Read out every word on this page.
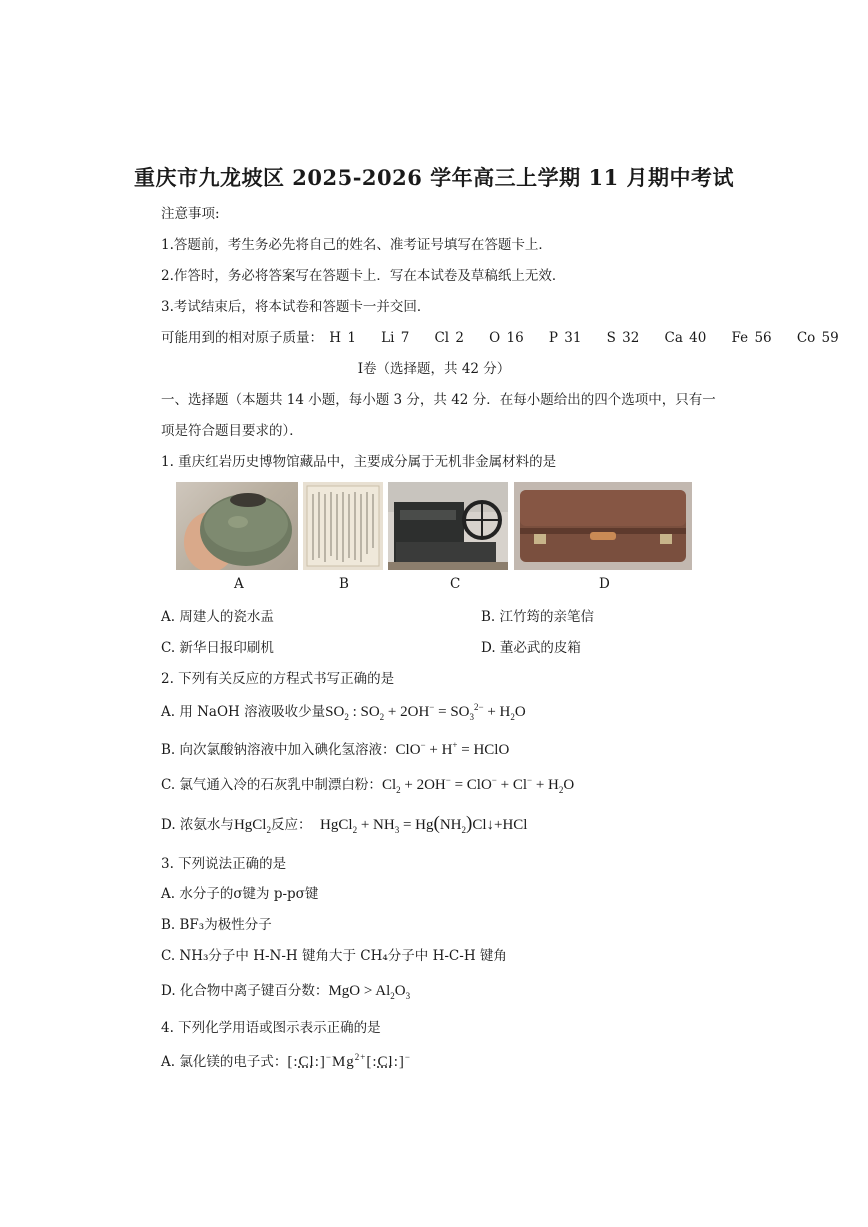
重庆市九龙坡区 2025-2026 学年高三上学期 11 月期中考试
注意事项:
1.答题前，考生务必先将自己的姓名、准考证号填写在答题卡上．
2.作答时，务必将答案写在答题卡上．写在本试卷及草稿纸上无效．
3.考试结束后，将本试卷和答题卡一并交回．
可能用到的相对原子质量： H 1 Li 7 Cl 2 O 16 P 31 S 32 Ca 40 Fe 56 Co 59
Ⅰ卷（选择题，共 42 分）
一、选择题（本题共 14 小题，每小题 3 分，共 42 分．在每小题给出的四个选项中，只有一
项是符合题目要求的）．
1. 重庆红岩历史博物馆藏品中，主要成分属于无机非金属材料的是
A	B	C	D
A. 周建人的瓷水盂	B. 江竹筠的亲笔信
C. 新华日报印刷机	D. 董必武的皮箱
2. 下列有关反应的方程式书写正确的是
A. 用 NaOH 溶液吸收少量$SO_2$ : $SO_2 + 2OH^- = SO_3^{2-} + H_2O$
B. 向次氯酸钠溶液中加入碘化氢溶液：ClO− + H+ = HClO
C. 氯气通入冷的石灰乳中制漂白粉：$Cl_2 + 2OH^- = ClO^- + Cl^- + H_2O$
D. 浓氨水与HgCl$_2$反应： HgCl$_2$ + $NH_3$ = $Hg(NH_2)Cl↓+HCl$
3. 下列说法正确的是
A. 水分子的σ键为 p-pσ键
B. BF₃为极性分子
C. NH₃分子中 H-N-H 键角大于 CH₄分子中 H-C-H 键角
D. 化合物中离子键百分数：MgO > $Al_2O_3$
4. 下列化学用语或图示表示正确的是
A. 氯化镁的电子式：$[:Cl:]^-Mg^{2+}[:Cl:]^-$
